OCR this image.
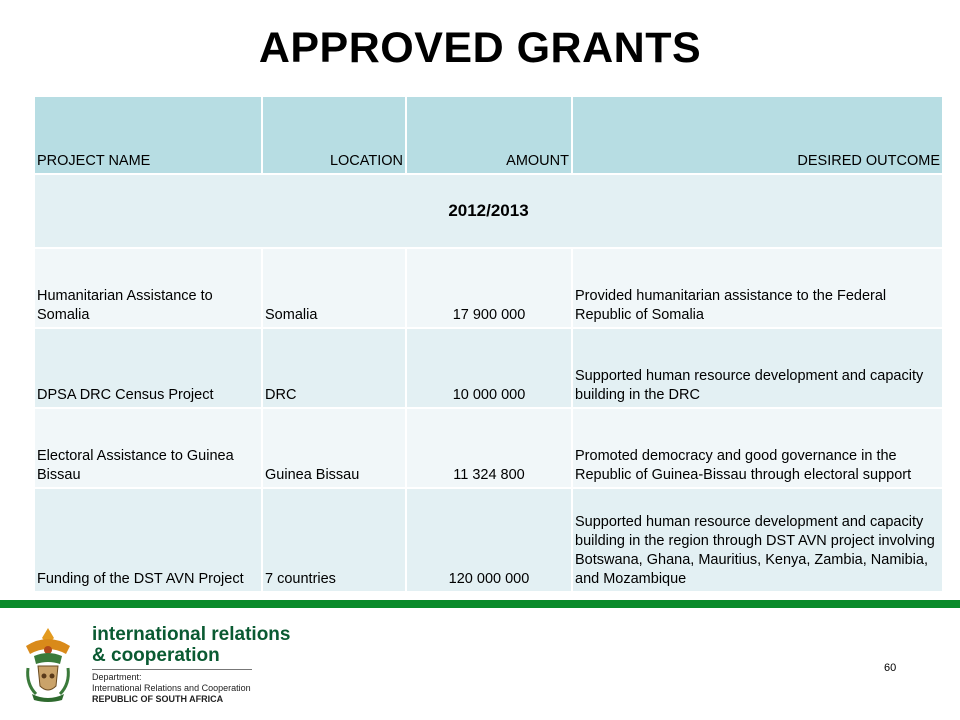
APPROVED GRANTS
PROJECT NAME	LOCATION	AMOUNT	DESIRED OUTCOME
2012/2013			
Humanitarian Assistance to Somalia	Somalia	17 900 000	Provided humanitarian assistance to the Federal Republic of Somalia
DPSA DRC Census Project	DRC	10 000 000	Supported human resource development and capacity building in the DRC
Electoral Assistance to Guinea Bissau	Guinea Bissau	11 324 800	Promoted democracy and good governance in the Republic of Guinea-Bissau through electoral support
Funding of the DST AVN Project	7 countries	120 000 000	Supported human resource development and capacity building in the region through DST AVN project involving Botswana, Ghana, Mauritius, Kenya, Zambia, Namibia, and Mozambique
international relations
& cooperation
Department:
International Relations and Cooperation
REPUBLIC OF SOUTH AFRICA
60
